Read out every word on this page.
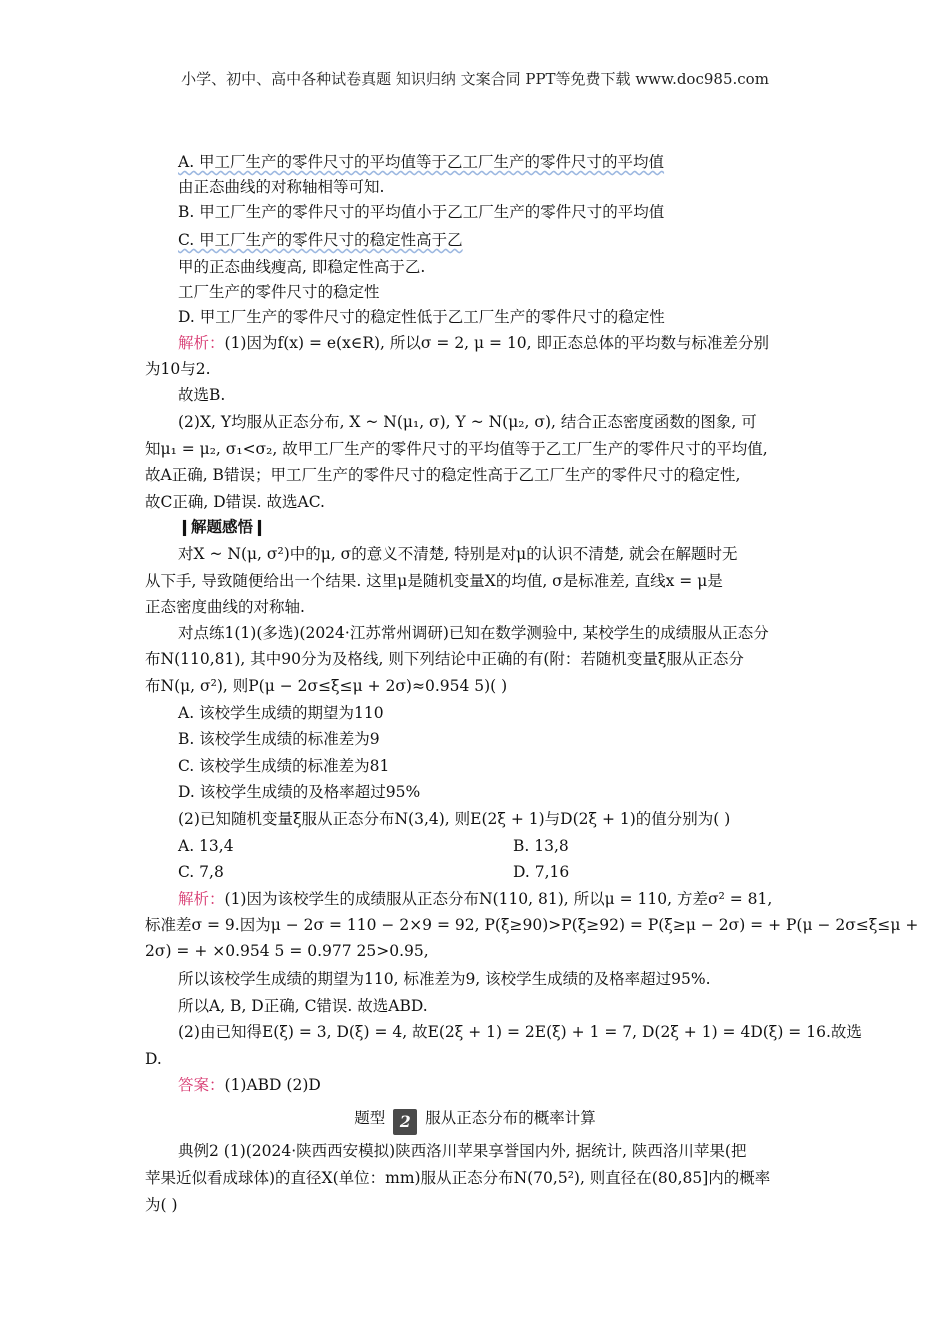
小学、初中、高中各种试卷真题 知识归纳 文案合同 PPT等免费下载 www.doc985.com
A. 甲工厂生产的零件尺寸的平均值等于乙工厂生产的零件尺寸的平均值
由正态曲线的对称轴相等可知.
B. 甲工厂生产的零件尺寸的平均值小于乙工厂生产的零件尺寸的平均值
C. 甲工厂生产的零件尺寸的稳定性高于乙
甲的正态曲线瘦高, 即稳定性高于乙.
工厂生产的零件尺寸的稳定性
D. 甲工厂生产的零件尺寸的稳定性低于乙工厂生产的零件尺寸的稳定性
解析：(1)因为f(x) = e(x∈R), 所以σ = 2, μ = 10, 即正态总体的平均数与标准差分别
为10与2.
故选B.
(2)X, Y均服从正态分布, X ~ N(μ₁, σ), Y ~ N(μ₂, σ), 结合正态密度函数的图象, 可
知μ₁ = μ₂, σ₁<σ₂, 故甲工厂生产的零件尺寸的平均值等于乙工厂生产的零件尺寸的平均值,
故A正确, B错误；甲工厂生产的零件尺寸的稳定性高于乙工厂生产的零件尺寸的稳定性,
故C正确, D错误. 故选AC.
❙解题感悟❙
对X ~ N(μ, σ²)中的μ, σ的意义不清楚, 特别是对μ的认识不清楚, 就会在解题时无
从下手, 导致随便给出一个结果. 这里μ是随机变量X的均值, σ是标准差, 直线x = μ是
正态密度曲线的对称轴.
对点练1(1)(多选)(2024·江苏常州调研)已知在数学测验中, 某校学生的成绩服从正态分
布N(110,81), 其中90分为及格线, 则下列结论中正确的有(附：若随机变量ξ服从正态分
布N(μ, σ²), 则P(μ − 2σ≤ξ≤μ + 2σ)≈0.954 5)( )
A. 该校学生成绩的期望为110
B. 该校学生成绩的标准差为9
C. 该校学生成绩的标准差为81
D. 该校学生成绩的及格率超过95%
(2)已知随机变量ξ服从正态分布N(3,4), 则E(2ξ + 1)与D(2ξ + 1)的值分别为( )
A. 13,4	B. 13,8
C. 7,8	D. 7,16
解析：(1)因为该校学生的成绩服从正态分布N(110, 81), 所以μ = 110, 方差σ² = 81,
标准差σ = 9.因为μ − 2σ = 110 − 2×9 = 92, P(ξ≥90)>P(ξ≥92) = P(ξ≥μ − 2σ) = + P(μ − 2σ≤ξ≤μ +
2σ) = + ×0.954 5 = 0.977 25>0.95,
所以该校学生成绩的期望为110, 标准差为9, 该校学生成绩的及格率超过95%.
所以A, B, D正确, C错误. 故选ABD.
(2)由已知得E(ξ) = 3, D(ξ) = 4, 故E(2ξ + 1) = 2E(ξ) + 1 = 7, D(2ξ + 1) = 4D(ξ) = 16.故选
D.
答案：(1)ABD (2)D
题型 2 服从正态分布的概率计算
典例2 (1)(2024·陕西西安模拟)陕西洛川苹果享誉国内外, 据统计, 陕西洛川苹果(把
苹果近似看成球体)的直径X(单位：mm)服从正态分布N(70,5²), 则直径在(80,85]内的概率
为( )
